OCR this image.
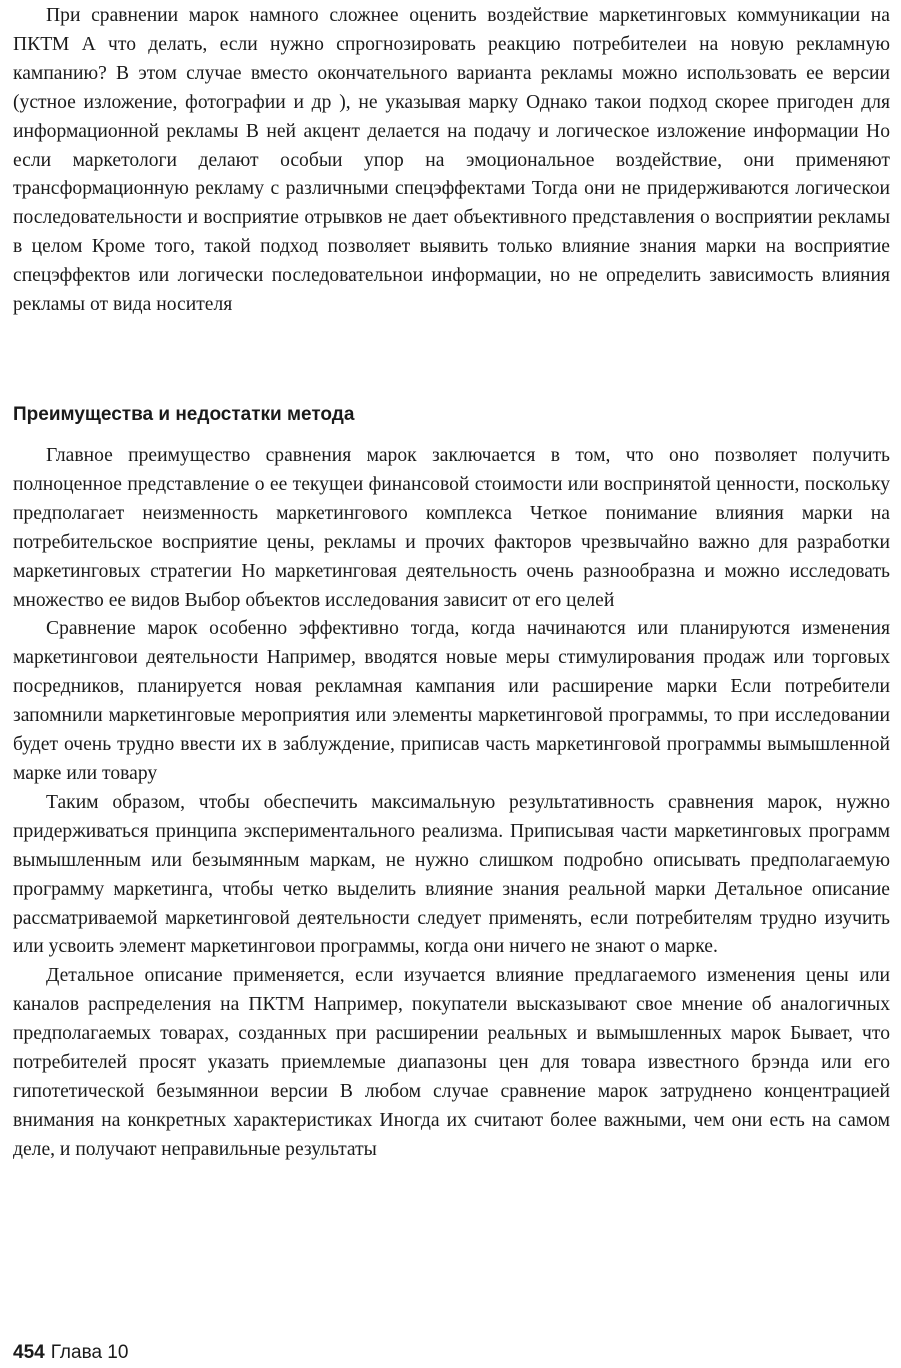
При сравнении марок намного сложнее оценить воздействие маркетинговых коммуникации на ПКТМ А что делать, если нужно спрогнозировать реакцию потребителеи на новую рекламную кампанию? В этом случае вместо окончательного варианта рекламы можно использовать ее версии (устное изложение, фотографии и др ), не указывая марку Однако такои подход скорее пригоден для информационной рекламы В ней акцент делается на подачу и логическое изложение информации Но если маркетологи делают особыи упор на эмоциональное воздействие, они применяют трансформационную рекламу с различными спецэффектами Тогда они не придерживаются логическои последовательности и восприятие отрывков не дает объективного представления о восприятии рекламы в целом Кроме того, такой подход позволяет выявить только влияние знания марки на восприятие спецэффектов или логически последовательнои информации, но не определить зависимость влияния рекламы от вида носителя

Преимущества и недостатки метода

Главное преимущество сравнения марок заключается в том, что оно позволяет получить полноценное представление о ее текущеи финансовой стоимости или воспринятой ценности, поскольку предполагает неизменность маркетингового комплекса Четкое понимание влияния марки на потребительское восприятие цены, рекламы и прочих факторов чрезвычайно важно для разработки маркетинговых стратегии Но маркетинговая деятельность очень разнообразна и можно исследовать множество ее видов Выбор объектов исследования зависит от его целей

Сравнение марок особенно эффективно тогда, когда начинаются или планируются изменения маркетинговои деятельности Например, вводятся новые меры стимулирования продаж или торговых посредников, планируется новая рекламная кампания или расширение марки Если потребители запомнили маркетинговые мероприятия или элементы маркетинговой программы, то при исследовании будет очень трудно ввести их в заблуждение, приписав часть маркетинговой программы вымышленной марке или товару

Таким образом, чтобы обеспечить максимальную результативность сравнения марок, нужно придерживаться принципа экспериментального реализма. Приписывая части маркетинговых программ вымышленным или безымянным маркам, не нужно слишком подробно описывать предполагаемую программу маркетинга, чтобы четко выделить влияние знания реальной марки Детальное описание рассматриваемой маркетинговой деятельности следует применять, если потребителям трудно изучить или усвоить элемент маркетинговои программы, когда они ничего не знают о марке.

Детальное описание применяется, если изучается влияние предлагаемого изменения цены или каналов распределения на ПКТМ Например, покупатели высказывают свое мнение об аналогичных предполагаемых товарах, созданных при расширении реальных и вымышленных марок Бывает, что потребителей просят указать приемлемые диапазоны цен для товара известного брэнда или его гипотетической безымяннои версии В любом случае сравнение марок затруднено концентрацией внимания на конкретных характеристиках Иногда их считают более важными, чем они есть на самом деле, и получают неправильные результаты

454 Глава 10
